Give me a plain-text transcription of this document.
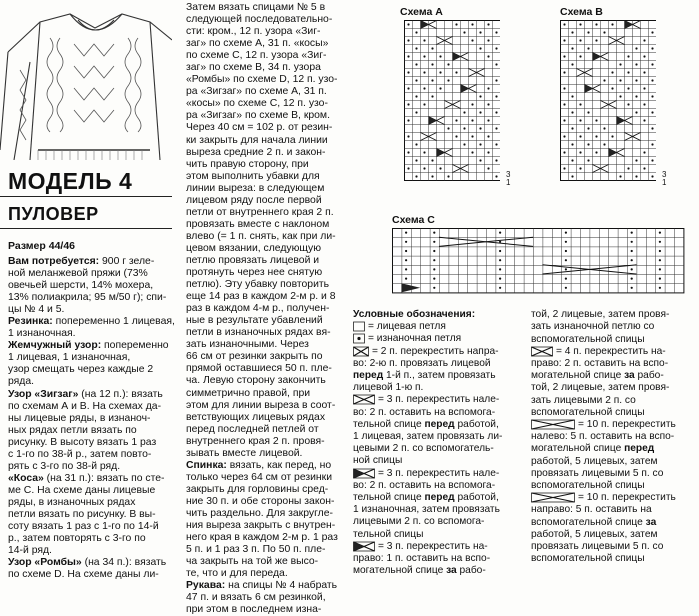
МОДЕЛЬ 4
ПУЛОВЕР
Размер 44/46

Вам потребуется: 900 г зеле-

ной меланжевой пряжи (73%

овечьей шерсти, 14% мохера,

13% полиакрила; 95 м/50 г); спи-

цы № 4 и 5.

Резинка: попеременно 1 лицевая,

1 изнаночная.

Жемчужный узор: попеременно

1 лицевая, 1 изнаночная,

узор смещать через каждые 2

ряда.

Узор «Зигзаг» (на 12 п.): вязать

по схемам А и В. На схемах да-

ны лицевые ряды, в изнаноч-

ных рядах петли вязать по

рисунку. В высоту вязать 1 раз

с 1-го по 38-й р., затем повто-

рять с 3-го по 38-й ряд.

«Коса» (на 31 п.): вязать по сте-

ме С. На схеме даны лицевые

ряды, в изнаночных рядах

петли вязать по рисунку. В вы-

соту вязать 1 раз с 1-го по 14-й

р., затем повторять с 3-го по

14-й ряд.

Узор «Ромбы» (на 34 п.): вязать

по схеме D. На схеме даны ли-

Затем вязать спицами № 5 в

следующей последовательно-

сти: кром., 12 п. узора «Зиг-

заг» по схеме А, 31 п. «косы»

по схеме С, 12 п. узора «Зиг-

заг» по схеме В, 34 п. узора

«Ромбы» по схеме D, 12 п. узо-

ра «Зигзаг» по схеме А, 31 п.

«косы» по схеме С, 12 п. узо-

ра «Зигзаг» по схеме В, кром.

Через 40 см = 102 р. от резин-

ки закрыть для начала линии

выреза средние 2 п. и закон-

чить правую сторону, при

этом выполнить убавки для

линии выреза: в следующем

лицевом ряду после первой

петли от внутреннего края 2 п.

провязать вместе с наклоном

влево (= 1 п. снять, как при ли-

цевом вязании, следующую

петлю провязать лицевой и

протянуть через нее снятую

петлю). Эту убавку повторить

еще 14 раз в каждом 2-м р. и 8

раз в каждом 4-м р., получен-

ные в результате убавлений

петли в изнаночных рядах вя-

зать изнаночными. Через

66 см от резинки закрыть по

прямой оставшиеся 50 п. пле-

ча. Левую сторону закончить

симметрично правой, при

этом для линии выреза в соот-

ветствующих лицевых рядах

перед последней петлей от

внутреннего края 2 п. провя-

зывать вместе лицевой.

Спинка: вязать, как перед, но

только через 64 см от резинки

закрыть для горловины сред-

ние 30 п. и обе стороны закон-

чить раздельно. Для закругле-

ния выреза закрыть с внутрен-

него края в каждом 2-м р. 1 раз

5 п. и 1 раз 3 п. По 50 п. пле-

ча закрыть на той же высо-

те, что и для переда.

Рукава: на спицы № 4 набрать

47 п. и вязать 6 см резинкой,

при этом в последнем изна-

Схема А
3
1
Схема В
3
1
Схема С
Условные обозначения:
= лицевая петля
= изнаночная петля
= 2 п. перекрестить напра-
во: 2-ю п. провязать лицевой
перед 1-й п., затем провязать
лицевой 1-ю п.
= 3 п. перекрестить нале-
во: 2 п. оставить на вспомога-
тельной спице перед работой,
1 лицевая, затем провязать ли-
цевыми 2 п. со вспомогатель-
ной спицы
= 3 п. перекрестить нале-
во: 2 п. оставить на вспомога-
тельной спице перед работой,
1 изнаночная, затем провязать
лицевыми 2 п. со вспомога-
тельной спицы
= 3 п. перекрестить на-
право: 1 п. оставить на вспо-
могательной спице за рабо-
той, 2 лицевые, затем провя-
зать изнаночной петлю со
вспомогательной спицы
= 4 п. перекрестить на-
право: 2 п. оставить на вспо-
могательной спице за рабо-
той, 2 лицевые, затем провя-
зать лицевыми 2 п. со
вспомогательной спицы
= 10 п. перекрестить
налево: 5 п. оставить на вспо-
могательной спице перед
работой, 5 лицевых, затем
провязать лицевыми 5 п. со
вспомогательной спицы
= 10 п. перекрестить
направо: 5 п. оставить на
вспомогательной спице за
работой, 5 лицевых, затем
провязать лицевыми 5 п. со
вспомогательной спицы
